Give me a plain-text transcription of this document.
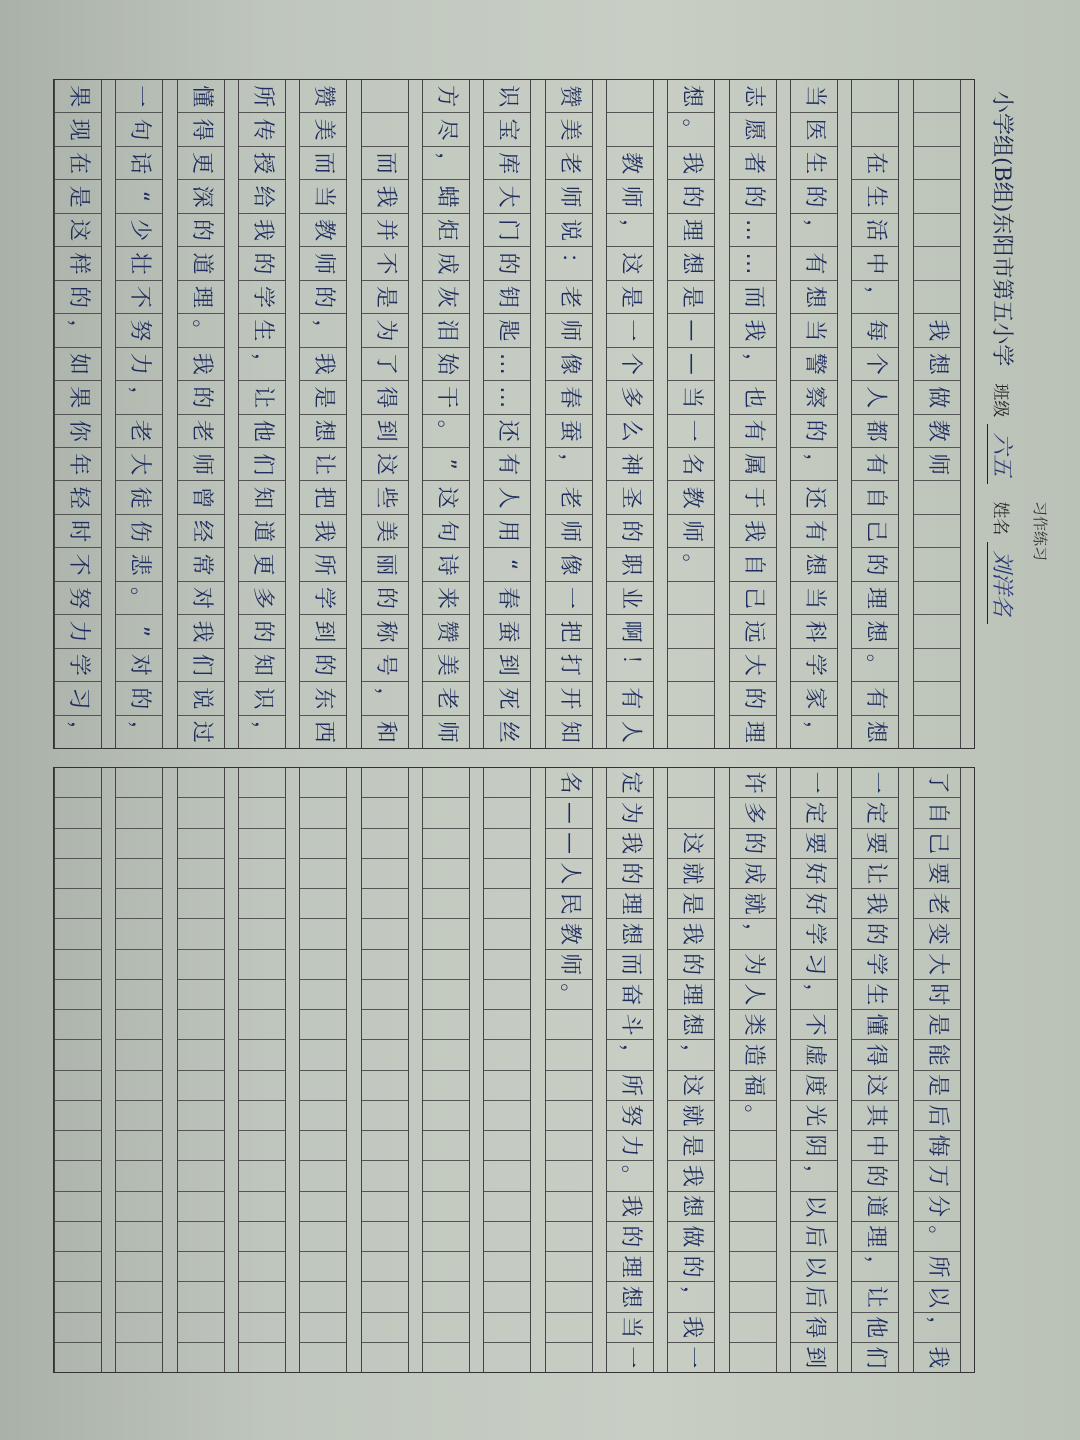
习作练习
小学组(B组)东阳市第五小学 班级 六五 姓名 刘洋名
我
想
做
教
师
在
生
活
中
，
每
个
人
都
有
自
己
的
理
想
。
有
想
当
医
生
的
，
有
想
当
警
察
的
，
还
有
想
当
科
学
家
，
志
愿
者
的
…
…
而
我
，
也
有
属
于
我
自
己
远
大
的
理
想
。
我
的
理
想
是
—
—
当
一
名
教
师
。
教
师
，
这
是
一
个
多
么
神
圣
的
职
业
啊
！
有
人
赞
美
老
师
说
：
老
师
像
春
蚕
，
老
师
像
一
把
打
开
知
识
宝
库
大
门
的
钥
匙
…
…
还
有
人
用
“
春
蚕
到
死
丝
方
尽
，
蜡
炬
成
灰
泪
始
干
。
”
这
句
诗
来
赞
美
老
师
而
我
并
不
是
为
了
得
到
这
些
美
丽
的
称
号
，
和
赞
美
而
当
教
师
的
，
我
是
想
让
把
我
所
学
到
的
东
西
所
传
授
给
我
的
学
生
，
让
他
们
知
道
更
多
的
知
识
，
懂
得
更
深
的
道
理
。
我
的
老
师
曾
经
常
对
我
们
说
过
一
句
话
“
少
壮
不
努
力
，
老
大
徒
伤
悲
。
”
对
的
，
果
现
在
是
这
样
的
，
如
果
你
年
轻
时
不
努
力
学
习
，
了
自
己
要
老
变
大
时
是
能
是
后
悔
万
分
。
所
以
，
我
一
定
要
让
我
的
学
生
懂
得
这
其
中
的
道
理
，
让
他
们
一
定
要
好
好
学
习
，
不
虚
度
光
阴
，
以
后
以
后
得
到
许
多
的
成
就
，
为
人
类
造
福
。
这
就
是
我
的
理
想
，
这
就
是
我
想
做
的
，
我
一
定
为
我
的
理
想
而
奋
斗
，
所
努
力
。
我
的
理
想
当
一
名
—
—
人
民
教
师
。
